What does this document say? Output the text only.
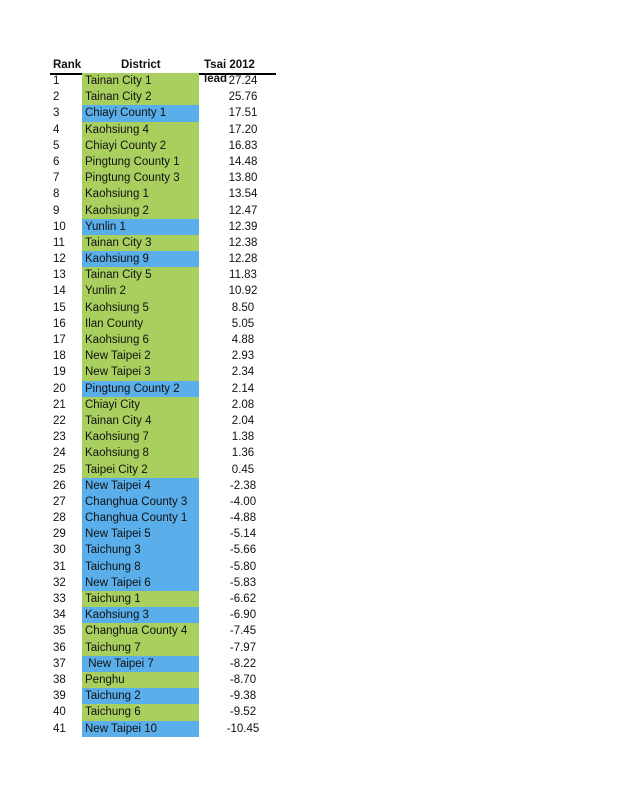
Rank	District	Tsai 2012 lead
1	Tainan City 1	27.24
2	Tainan City 2	25.76
3	Chiayi County 1	17.51
4	Kaohsiung 4	17.20
5	Chiayi County 2	16.83
6	Pingtung County 1	14.48
7	Pingtung County 3	13.80
8	Kaohsiung 1	13.54
9	Kaohsiung 2	12.47
10	Yunlin 1	12.39
11	Tainan City 3	12.38
12	Kaohsiung 9	12.28
13	Tainan City 5	11.83
14	Yunlin 2	10.92
15	Kaohsiung 5	8.50
16	Ilan County	5.05
17	Kaohsiung 6	4.88
18	New Taipei 2	2.93
19	New Taipei 3	2.34
20	Pingtung County 2	2.14
21	Chiayi City	2.08
22	Tainan City 4	2.04
23	Kaohsiung 7	1.38
24	Kaohsiung 8	1.36
25	Taipei City 2	0.45
26	New Taipei 4	-2.38
27	Changhua County 3	-4.00
28	Changhua County 1	-4.88
29	New Taipei 5	-5.14
30	Taichung 3	-5.66
31	Taichung 8	-5.80
32	New Taipei 6	-5.83
33	Taichung 1	-6.62
34	Kaohsiung 3	-6.90
35	Changhua County 4	-7.45
36	Taichung 7	-7.97
37	New Taipei 7	-8.22
38	Penghu	-8.70
39	Taichung 2	-9.38
40	Taichung 6	-9.52
41	New Taipei 10	-10.45
